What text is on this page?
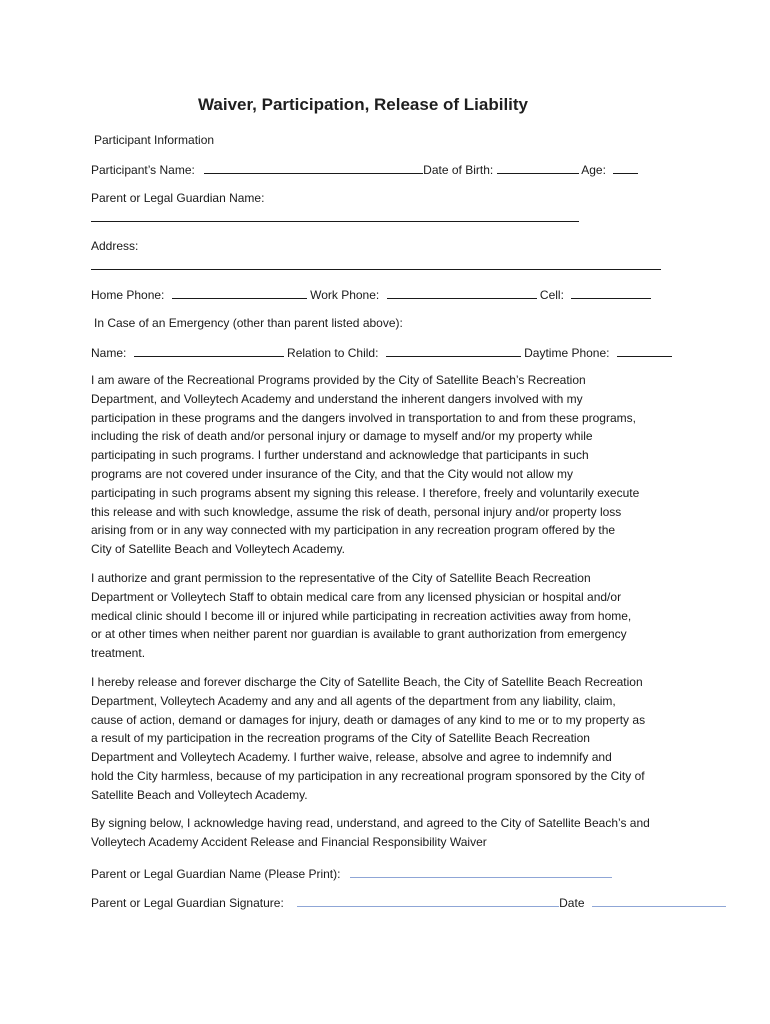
Waiver, Participation, Release of Liability
Participant Information
Participant’s Name:	Date of Birth:	Age:
Parent or Legal Guardian Name:
Address:
Home Phone:	Work Phone:	Cell:
In Case of an Emergency (other than parent listed above):
Name:	Relation to Child:	Daytime Phone:
I am aware of the Recreational Programs provided by the City of Satellite Beach’s Recreation
Department, and Volleytech Academy and understand the inherent dangers involved with my
participation in these programs and the dangers involved in transportation to and from these programs,
including the risk of death and/or personal injury or damage to myself and/or my property while
participating in such programs. I further understand and acknowledge that participants in such
programs are not covered under insurance of the City, and that the City would not allow my
participating in such programs absent my signing this release. I therefore, freely and voluntarily execute
this release and with such knowledge, assume the risk of death, personal injury and/or property loss
arising from or in any way connected with my participation in any recreation program offered by the
City of Satellite Beach and Volleytech Academy.
I authorize and grant permission to the representative of the City of Satellite Beach Recreation
Department or Volleytech Staff to obtain medical care from any licensed physician or hospital and/or
medical clinic should I become ill or injured while participating in recreation activities away from home,
or at other times when neither parent nor guardian is available to grant authorization from emergency
treatment.
I hereby release and forever discharge the City of Satellite Beach, the City of Satellite Beach Recreation
Department, Volleytech Academy and any and all agents of the department from any liability, claim,
cause of action, demand or damages for injury, death or damages of any kind to me or to my property as
a result of my participation in the recreation programs of the City of Satellite Beach Recreation
Department and Volleytech Academy. I further waive, release, absolve and agree to indemnify and
hold the City harmless, because of my participation in any recreational program sponsored by the City of
Satellite Beach and Volleytech Academy.
By signing below, I acknowledge having read, understand, and agreed to the City of Satellite Beach’s and
Volleytech Academy Accident Release and Financial Responsibility Waiver
Parent or Legal Guardian Name (Please Print):
Parent or Legal Guardian Signature:	Date
